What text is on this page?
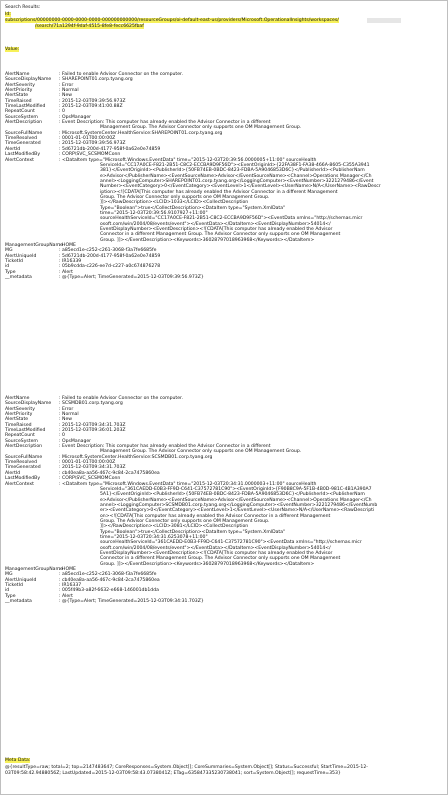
Search Results:
Id:
subscriptions/00000000-0000-0000-0000-000000000000/resourceGroups/oi-default-east-us/providers/Microsoft.OperationalInsights/workspaces/
/search/71a1294f-9daf-4515-8fe8-fecc6625fbaf
Value:
AlertName	: Failed to enable Advisor Connector on the computer.
SourceDisplayName	: SHAREPOINT01.corp.tyang.org
AlertSeverity	: Error
AlertPriority	: Normal
AlertState	: New
TimeRaised	: 2015-12-03T09:39:56.973Z
TimeLastModified	: 2015-12-03T09:41:00.88Z
RepeatCount	: 0
SourceSystem	: OpsManager
AlertDescription	: Event Description: This computer has already enabled the Advisor Connector in a different
Management Group. The Advisor Connector only supports one OM Management Group.
SourceFullName	: Microsoft.SystemCenter.HealthService:SHAREPOINT01.corp.tyang.org
TimeResolved	: 0001-01-01T00:00:00Z
TimeGenerated	: 2015-12-03T09:39:56.973Z
AlertId	: 5d6721db-200d-4177-958f-0a62e0e74859
LastModifiedBy	: CORP\SVC_SCSMOMConn
AlertContext	: <DataItem type="Microsoft.Windows.EventData" time="2015-12-03T20:39:56.0000005+11:00" sourceHealth
ServiceId="CC17A0CE-F821-2B51-C8C2-ECCBA9D9F56D"><EventOriginId>{22FA38F1-FA38-466A-8605-C355A3941
381}</EventOriginId><PublisherId>{50FB74EB-0BDC-8423-FDBA-5A9046853D6C}</PublisherId><PublisherNam
e>Advisor</PublisherName><EventSourceName>Advisor</EventSourceName><Channel>Operations Manager</Ch
annel><LoggingComputer>SHAREPOINT01.corp.tyang.org</LoggingComputer><EventNumber>3221279486</Event
Number><EventCategory>0</EventCategory><EventLevel>1</EventLevel><UserName>N/A</UserName><RawDescr
iption><![CDATA[This computer has already enabled the Advisor Connector in a different Management
Group. The Advisor Connector only supports one OM Management Group.
]]></RawDescription><LCID>1033</LCID><CollectDescription
Type="Boolean">true</CollectDescription><DataItem type="System.XmlData"
time="2015-12-03T20:39:56.9107927+11:00"
sourceHealthServiceId="CC17A0CE-F821-2B51-C8C2-ECCBA9D9F56D"><EventData xmlns="http://schemas.micr
osoft.com/win/2004/08/events/event"></EventData></DataItem><EventDisplayNumber>54014</
EventDisplayNumber><EventDescription><![CDATA[This computer has already enabled the Advisor
Connector in a different Management Group. The Advisor Connector only supports one OM Management
Group. ]]></EventDescription><Keywords>36028797018963968</Keywords></DataItem>
ManagementGroupName
: HOME
MG	: a85ecd1e-c252-c261-3068-f3a7fe6685fe
AlertUniqueId	: 5d6721db-200d-4177-958f-0a62e0e74859
TicketId	: IR16339
id	: 05b9cdda-c226-ee7d-c227-a0c674876278
Type	: Alert
__metadata	: @{Type=Alert; TimeGenerated=2015-12-03T09:39:56.973Z}
AlertName	: Failed to enable Advisor Connector on the computer.
SourceDisplayName	: SCSMDB01.corp.tyang.org
AlertSeverity	: Error
AlertPriority	: Normal
AlertState	: New
TimeRaised	: 2015-12-03T09:34:31.703Z
TimeLastModified	: 2015-12-03T09:36:01.203Z
RepeatCount	: 0
SourceSystem	: OpsManager
AlertDescription	: Event Description: This computer has already enabled the Advisor Connector in a different
Management Group. The Advisor Connector only supports one OM Management Group.
SourceFullName	: Microsoft.SystemCenter.HealthService:SCSMDB01.corp.tyang.org
TimeResolved	: 0001-01-01T00:00:00Z
TimeGenerated	: 2015-12-03T09:34:31.703Z
AlertId	: cb40ea8a-aa56-467c-9c84-2ca7475860ea
LastModifiedBy	: CORP\SVC_SCSMOMConn
AlertContext	: <DataItem type="Microsoft.Windows.EventData" time="2015-12-03T20:34:31.0000003+11:00" sourceHealth
ServiceId="361CAEDD-E0B3-FF9D-C641-C37572781C90"><EventOriginId>{F90B8C9A-5F1B-4B0D-981C-4B1A390A7
5A1}</EventOriginId><PublisherId>{50FB74EB-0BDC-8423-FDBA-5A9046853D6C}</PublisherId><PublisherNam
e>Advisor</PublisherName><EventSourceName>Advisor</EventSourceName><Channel>Operations Manager</Ch
annel><LoggingComputer>SCSMDB01.corp.tyang.org</LoggingComputer><EventNumber>3221279486</EventNumb
er><EventCategory>0</EventCategory><EventLevel>1</EventLevel><UserName>N/A</UserName><RawDescripti
on><![CDATA[This computer has already enabled the Advisor Connector in a different Management
Group. The Advisor Connector only supports one OM Management Group.
]]></RawDescription><LCID>3081</LCID><CollectDescription
Type="Boolean">true</CollectDescription><DataItem type="System.XmlData"
time="2015-12-03T20:34:31.6253078+11:00"
sourceHealthServiceId="361CAEDD-E0B3-FF9D-C641-C37572781C90"><EventData xmlns="http://schemas.micr
osoft.com/win/2004/08/events/event"></EventData></DataItem><EventDisplayNumber>54014</
EventDisplayNumber><EventDescription><![CDATA[This computer has already enabled the Advisor
Connector in a different Management Group. The Advisor Connector only supports one OM Management
Group. ]]></EventDescription><Keywords>36028797018963968</Keywords></DataItem>
ManagementGroupName
: HOME
MG	: a85ecd1e-c252-c261-3068-f3a7fe6685fe
AlertUniqueId	: cb40ea8a-aa56-467c-9c84-2ca7475860ea
TicketId	: IR16337
id	: 005f49b3-a82f-6632-e668-146001db1dda
Type	: Alert
__metadata	: @{Type=Alert; TimeGenerated=2015-12-03T09:34:31.703Z}
Meta Data:
@{resultType=raw; total=2; top=2147483647; CoreResponses=System.Object[]; CoreSummaries=System.Object[]; Status=Successful; StartTime=2015-12-
03T09:58:42.9488056Z; LastUpdated=2015-12-03T09:58:43.0738041Z; ETag=635847335230738041; sort=System.Object[]; requestTime=353}
